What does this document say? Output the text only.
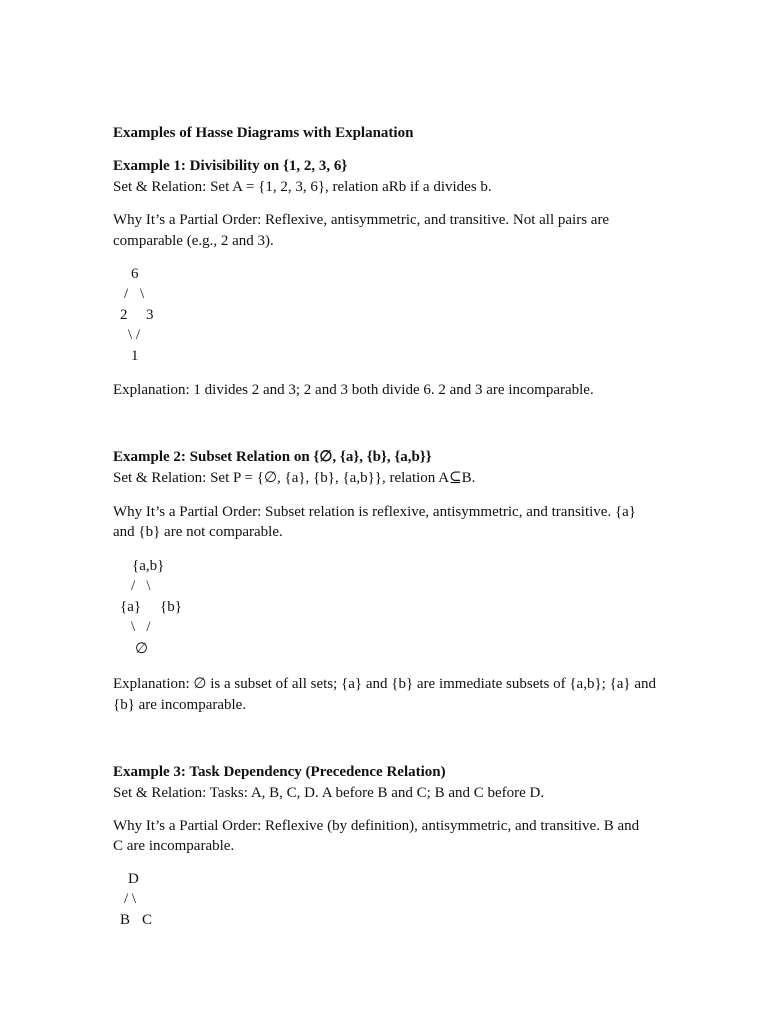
Examples of Hasse Diagrams with Explanation
Example 1: Divisibility on {1, 2, 3, 6}
Set & Relation: Set A = {1, 2, 3, 6}, relation aRb if a divides b.
Why It’s a Partial Order: Reflexive, antisymmetric, and transitive. Not all pairs are
comparable (e.g., 2 and 3).
6
/ \
2 3
\ /
1
Explanation: 1 divides 2 and 3; 2 and 3 both divide 6. 2 and 3 are incomparable.
Example 2: Subset Relation on {∅, {a}, {b}, {a,b}}
Set & Relation: Set P = {∅, {a}, {b}, {a,b}}, relation A⊆B.
Why It’s a Partial Order: Subset relation is reflexive, antisymmetric, and transitive. {a}
and {b} are not comparable.
{a,b}
/   \
{a} {b}
\   /
∅
Explanation: ∅ is a subset of all sets; {a} and {b} are immediate subsets of {a,b}; {a} and
{b} are incomparable.
Example 3: Task Dependency (Precedence Relation)
Set & Relation: Tasks: A, B, C, D. A before B and C; B and C before D.
Why It’s a Partial Order: Reflexive (by definition), antisymmetric, and transitive. B and
C are incomparable.
D
/ \
B C
